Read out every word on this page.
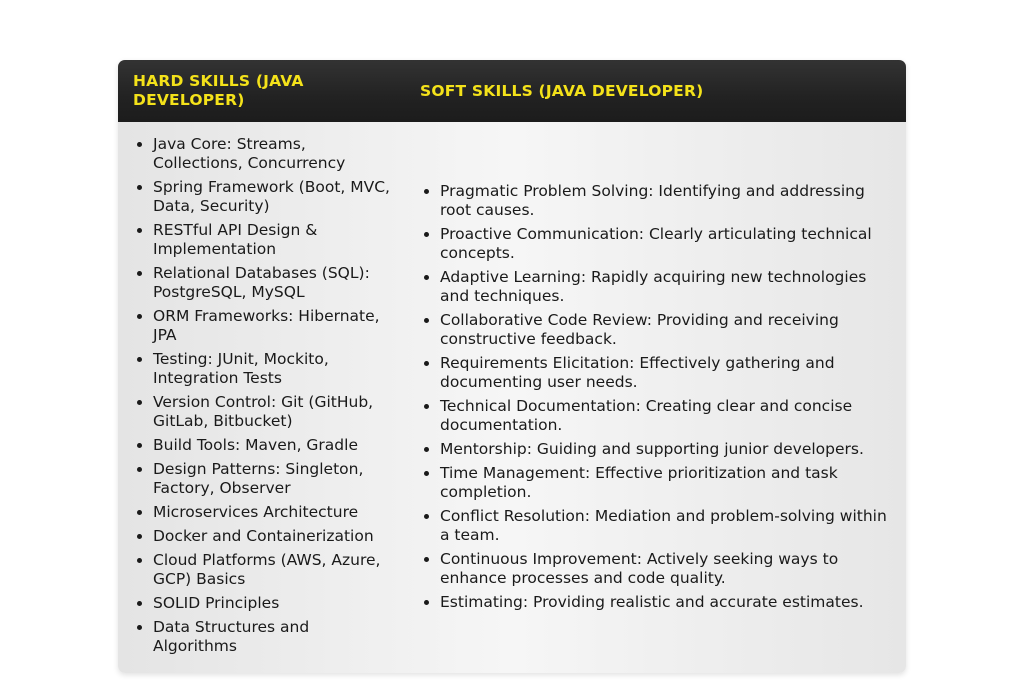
HARD SKILLS (JAVA DEVELOPER)	SOFT SKILLS (JAVA DEVELOPER)
Java Core: Streams, Collections, Concurrency
Spring Framework (Boot, MVC, Data, Security)
RESTful API Design & Implementation
Relational Databases (SQL): PostgreSQL, MySQL
ORM Frameworks: Hibernate, JPA
Testing: JUnit, Mockito, Integration Tests
Version Control: Git (GitHub, GitLab, Bitbucket)
Build Tools: Maven, Gradle
Design Patterns: Singleton, Factory, Observer
Microservices Architecture
Docker and Containerization
Cloud Platforms (AWS, Azure, GCP) Basics
SOLID Principles
Data Structures and Algorithms
Pragmatic Problem Solving: Identifying and addressing root causes.
Proactive Communication: Clearly articulating technical concepts.
Adaptive Learning: Rapidly acquiring new technologies and techniques.
Collaborative Code Review: Providing and receiving constructive feedback.
Requirements Elicitation: Effectively gathering and documenting user needs.
Technical Documentation: Creating clear and concise documentation.
Mentorship: Guiding and supporting junior developers.
Time Management: Effective prioritization and task completion.
Conflict Resolution: Mediation and problem-solving within a team.
Continuous Improvement: Actively seeking ways to enhance processes and code quality.
Estimating: Providing realistic and accurate estimates.
